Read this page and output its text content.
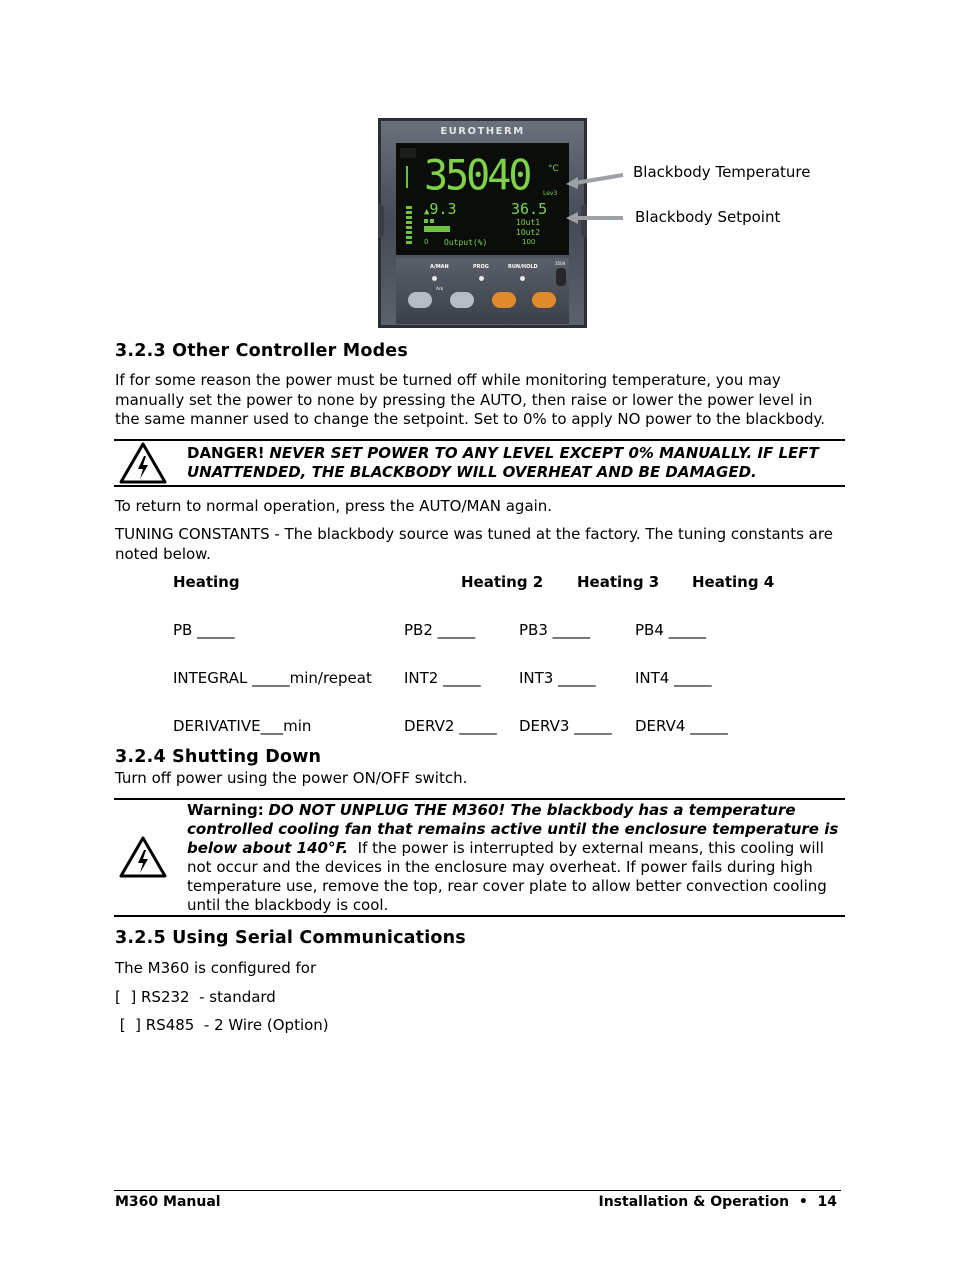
EUROTHERM
35040 °C
Lev3
▲9.3	36.5
1Out1
1Out2
Output(%)
0	100
A/MAN	PROG	RUN/HOLD
3504
Ack
Blackbody Temperature
Blackbody Setpoint
3.2.3 Other Controller Modes
If for some reason the power must be turned off while monitoring temperature, you may
manually set the power to none by pressing the AUTO, then raise or lower the power level in
the same manner used to change the setpoint. Set to 0% to apply NO power to the blackbody.
DANGER! NEVER SET POWER TO ANY LEVEL EXCEPT 0% MANUALLY. IF LEFT
UNATTENDED, THE BLACKBODY WILL OVERHEAT AND BE DAMAGED.
To return to normal operation, press the AUTO/MAN again.
TUNING CONSTANTS - The blackbody source was tuned at the factory. The tuning constants are
noted below.
Heating	Heating 2 Heating 3 Heating 4
PB _____	PB2 _____	PB3 _____	PB4 _____
INTEGRAL _____min/repeat INT2 _____	INT3 _____	INT4 _____
DERIVATIVE___min	DERV2 _____ DERV3 _____ DERV4 _____
3.2.4 Shutting Down
Turn off power using the power ON/OFF switch.
Warning: DO NOT UNPLUG THE M360! The blackbody has a temperature
controlled cooling fan that remains active until the enclosure temperature is
below about 140°F.  If the power is interrupted by external means, this cooling will
not occur and the devices in the enclosure may overheat. If power fails during high
temperature use, remove the top, rear cover plate to allow better convection cooling
until the blackbody is cool.
3.2.5 Using Serial Communications
The M360 is configured for
[  ] RS232  - standard
[  ] RS485  - 2 Wire (Option)
M360 Manual	Installation & Operation  •  14
